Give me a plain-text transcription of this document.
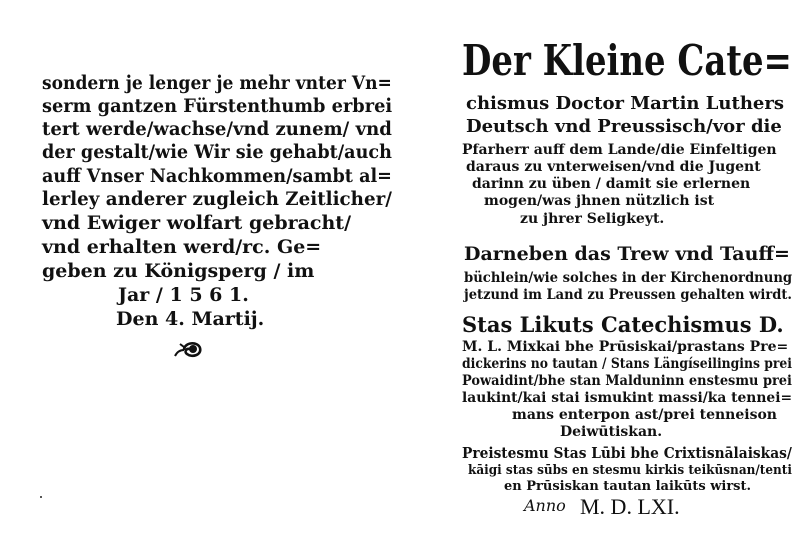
sondern je lenger je mehr vnter Vn=
serm gantzen Fürstenthumb erbrei
tert werde/wachse/vnd zunem/ vnd
der gestalt/wie Wir sie gehabt/auch
auff Vnser Nachkommen/sambt al=
lerley anderer zugleich Zeitlicher/
vnd Ewiger wolfart gebracht/
vnd erhalten werd/rc. Ge=
geben zu Königsperg / im
Jar / 1 5 6 1.
Den 4. Martij.
Der Kleine Cate=
chismus Doctor Martin Luthers
Deutsch vnd Preussisch/vor die
Pfarherr auff dem Lande/die Einfeltigen
daraus zu vnterweisen/vnd die Jugent
darinn zu üben / damit sie erlernen
mogen/was jhnen nützlich ist
zu jhrer Seligkeyt.
Darneben das Trew vnd Tauff=
büchlein/wie solches in der Kirchenordnung
jetzund im Land zu Preussen gehalten wirdt.
Stas Likuts Catechismus D.
M. L. Mixkai bhe Prūsiskai/prastans Pre=
dickerins no tautan / Stans Längíseilingins prei
Powaidint/bhe stan Malduninn enstesmu prei
laukint/kai stai ismukint massi/ka tennei=
mans enterpon ast/prei tenneison
Deiwūtiskan.
Preistesmu Stas Lūbi bhe Crixtisnālaiskas/
kāigi stas sūbs en stesmu kirkis teikūsnan/tenti
en Prūsiskan tautan laikūts wirst.
Anno M. D. LXI.
